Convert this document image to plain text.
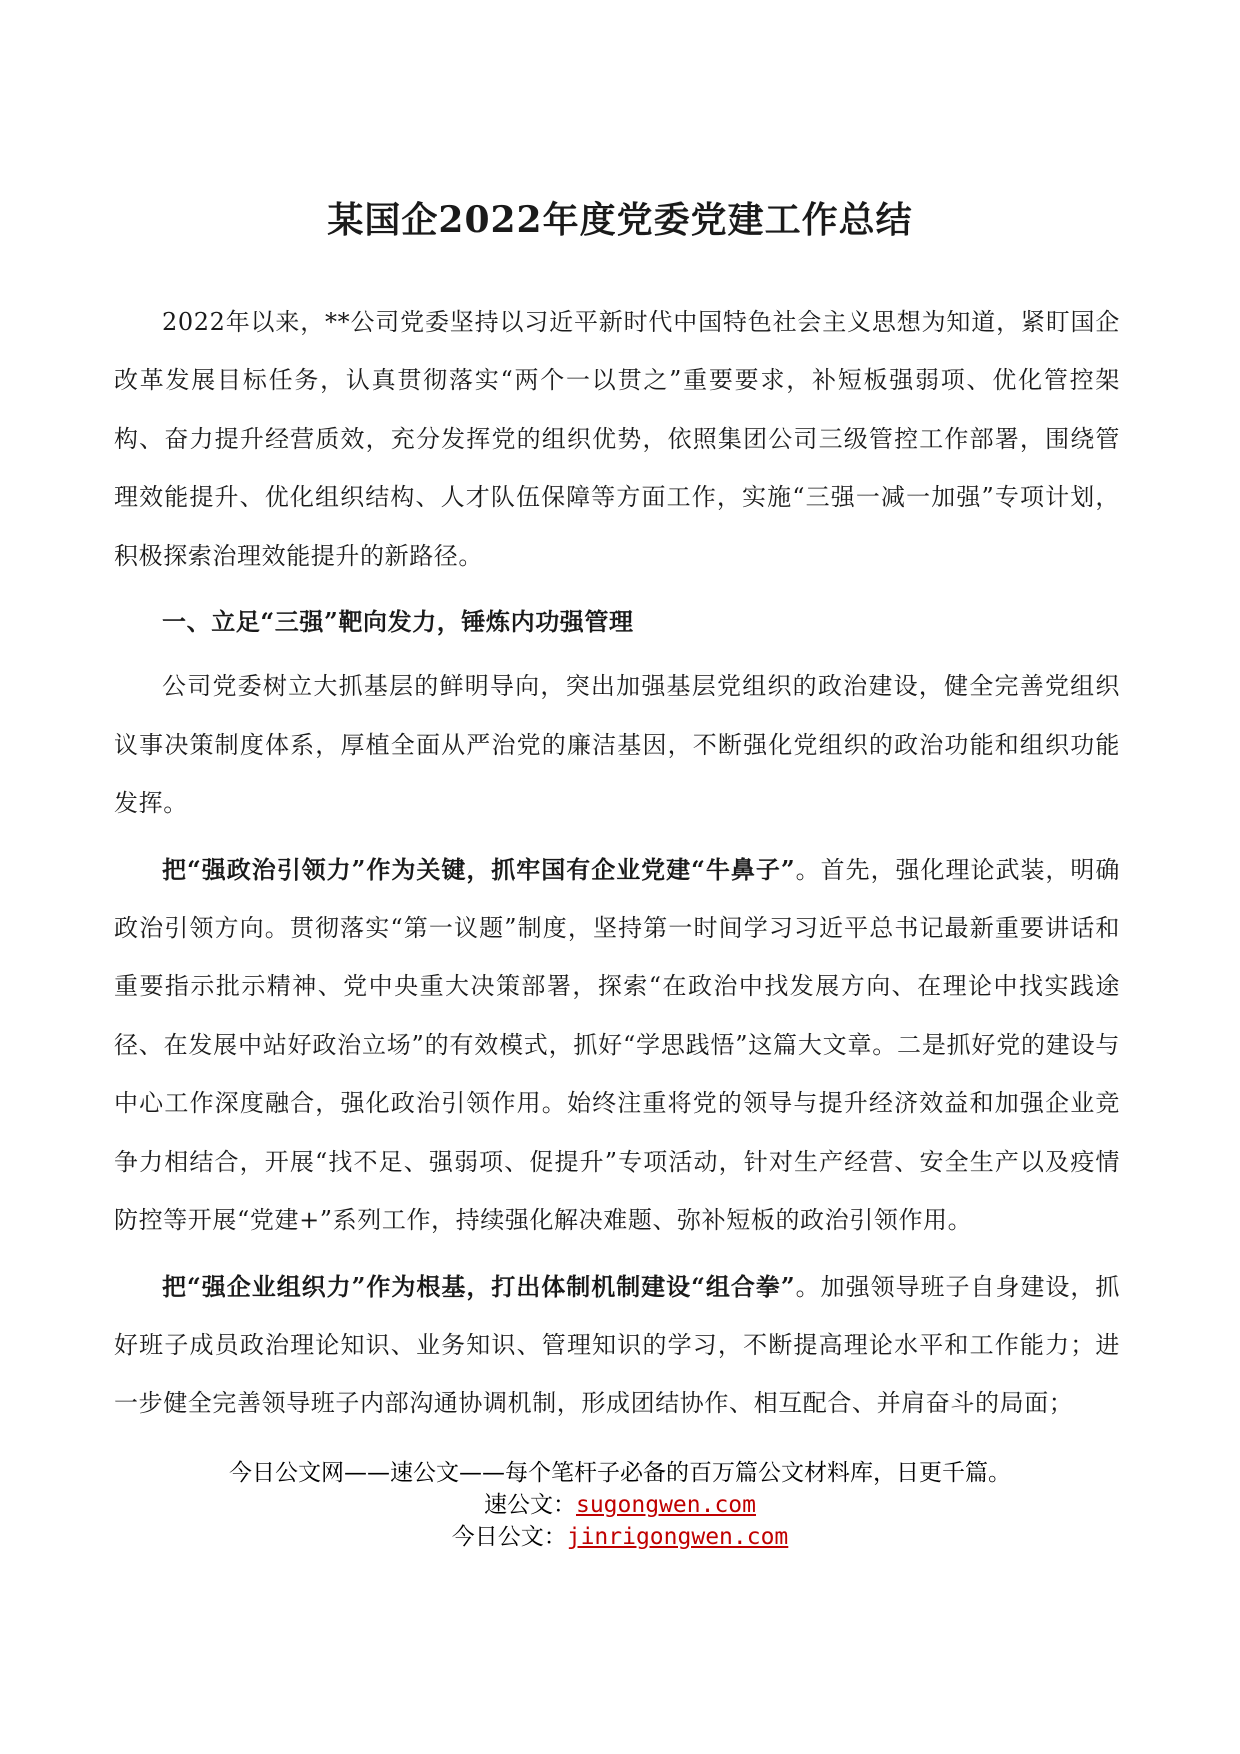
某国企2022年度党委党建工作总结

2022年以来，**公司党委坚持以习近平新时代中国特色社会主义思想为知道，紧盯国企改革发展目标任务，认真贯彻落实“两个一以贯之”重要要求，补短板强弱项、优化管控架构、奋力提升经营质效，充分发挥党的组织优势，依照集团公司三级管控工作部署，围绕管理效能提升、优化组织结构、人才队伍保障等方面工作，实施“三强一减一加强”专项计划，积极探索治理效能提升的新路径。

一、立足“三强”靶向发力，锤炼内功强管理

公司党委树立大抓基层的鲜明导向，突出加强基层党组织的政治建设，健全完善党组织议事决策制度体系，厚植全面从严治党的廉洁基因，不断强化党组织的政治功能和组织功能发挥。

把“强政治引领力”作为关键，抓牢国有企业党建“牛鼻子”。首先，强化理论武装，明确政治引领方向。贯彻落实“第一议题”制度，坚持第一时间学习习近平总书记最新重要讲话和重要指示批示精神、党中央重大决策部署，探索“在政治中找发展方向、在理论中找实践途径、在发展中站好政治立场”的有效模式，抓好“学思践悟”这篇大文章。二是抓好党的建设与中心工作深度融合，强化政治引领作用。始终注重将党的领导与提升经济效益和加强企业竞争力相结合，开展“找不足、强弱项、促提升”专项活动，针对生产经营、安全生产以及疫情防控等开展“党建+”系列工作，持续强化解决难题、弥补短板的政治引领作用。

把“强企业组织力”作为根基，打出体制机制建设“组合拳”。加强领导班子自身建设，抓好班子成员政治理论知识、业务知识、管理知识的学习，不断提高理论水平和工作能力；进一步健全完善领导班子内部沟通协调机制，形成团结协作、相互配合、并肩奋斗的局面；

今日公文网——速公文——每个笔杆子必备的百万篇公文材料库，日更千篇。
速公文：sugongwen.com
今日公文：jinrigongwen.com
